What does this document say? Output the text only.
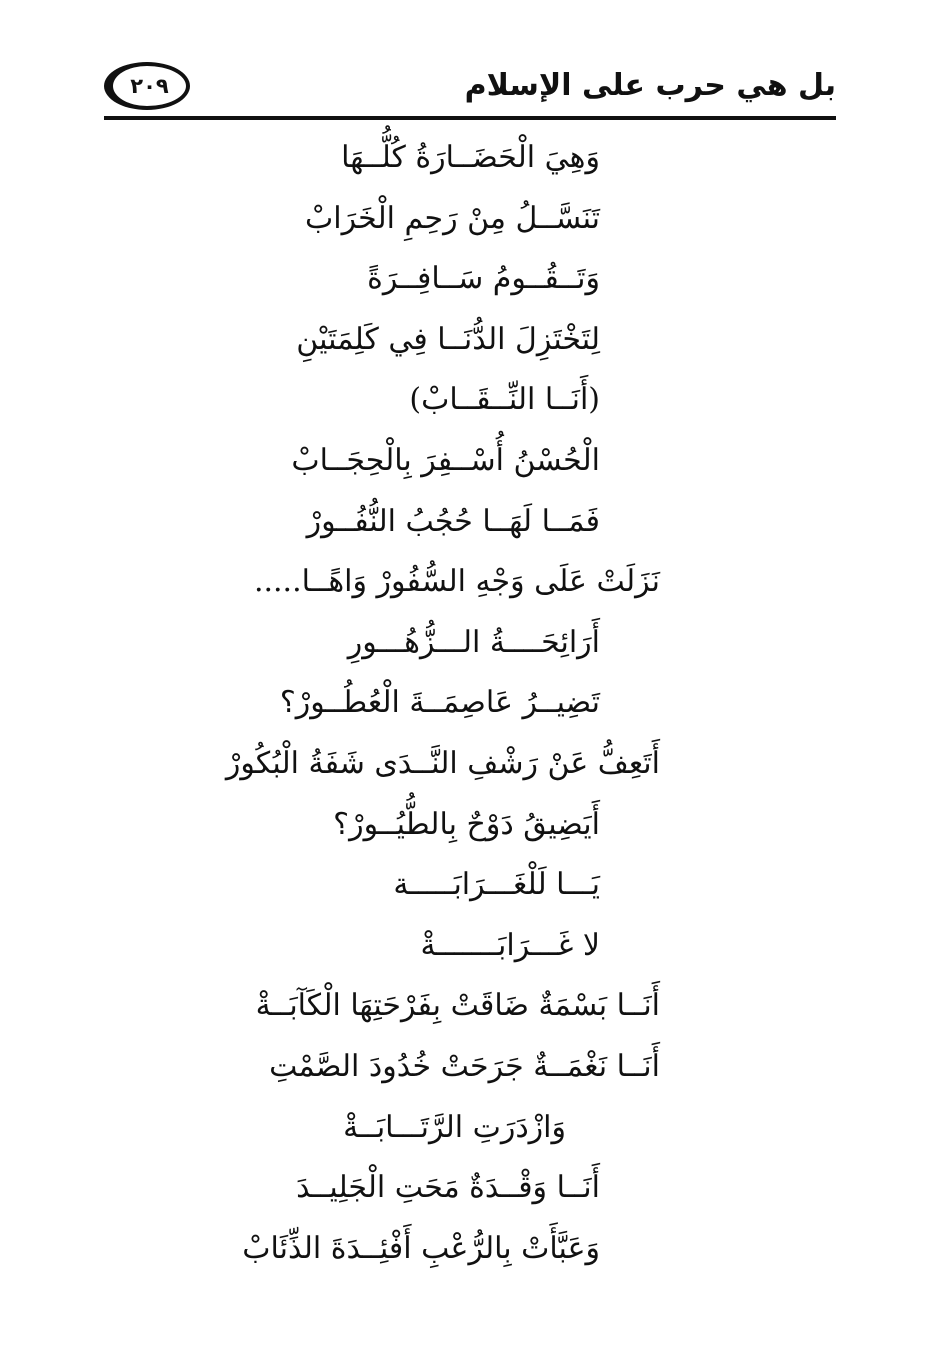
بل هي حرب على الإسلام
٢٠٩
وَهِيَ الْحَضَــارَةُ كُلُّــهَا
تَنَسَّــلُ مِنْ رَحِمِ الْخَرَابْ
وَتَــقُــومُ سَــافِــرَةً
لِتَخْتَزِلَ الدُّنَــا فِي كَلِمَتَيْنِ
(أَنَــا النِّــقَــابْ)
الْحُسْنُ أُسْــفِرَ بِالْحِجَــابْ
فَمَــا لَهَــا حُجُبُ النُّفُــورْ
نَزَلَتْ عَلَى وَجْهِ السُّفُورْ وَاهًــا.....
أَرَائِحَــــةُ الـــزُّهُـــورِ
تَضِيــرُ عَاصِمَــةَ الْعُطُــورْ؟
أَتَعِفُّ عَنْ رَشْفِ النَّــدَى شَفَةُ الْبُكُورْ
أَيَضِيقُ دَوْحٌ بِالطُّيُــورْ؟
يَـــا لَلْغَـــرَابَـــــة
لا غَـــرَابَـــــــةْ
أَنَــا بَسْمَةٌ ضَاقَتْ بِفَرْحَتِهَا الْكَآبَــةْ
أَنَــا نَغْمَــةٌ جَرَحَتْ خُدُودَ الصَّمْتِ
وَازْدَرَتِ الرَّتَـــابَــةْ
أَنَــا وَقْــدَةٌ مَحَتِ الْجَلِيــدَ
وَعَبَّأَتْ بِالرُّعْبِ أَفْئِــدَةَ الذِّئَابْ
